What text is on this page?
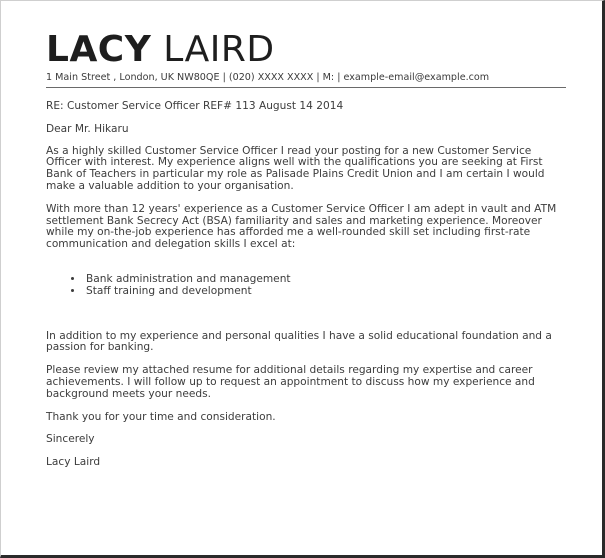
LACY LAIRD
1 Main Street , London, UK NW80QE | (020) XXXX XXXX | M: | example-email@example.com

RE: Customer Service Officer REF# 113 August 14 2014

Dear Mr. Hikaru

As a highly skilled Customer Service Officer I read your posting for a new Customer Service Officer with interest. My experience aligns well with the qualifications you are seeking at First Bank of Teachers in particular my role as Palisade Plains Credit Union and I am certain I would make a valuable addition to your organisation.

With more than 12 years' experience as a Customer Service Officer I am adept in vault and ATM settlement Bank Secrecy Act (BSA) familiarity and sales and marketing experience. Moreover while my on-the-job experience has afforded me a well-rounded skill set including first-rate communication and delegation skills I excel at:

• Bank administration and management
• Staff training and development

In addition to my experience and personal qualities I have a solid educational foundation and a passion for banking.

Please review my attached resume for additional details regarding my expertise and career achievements. I will follow up to request an appointment to discuss how my experience and background meets your needs.

Thank you for your time and consideration.

Sincerely

Lacy Laird
